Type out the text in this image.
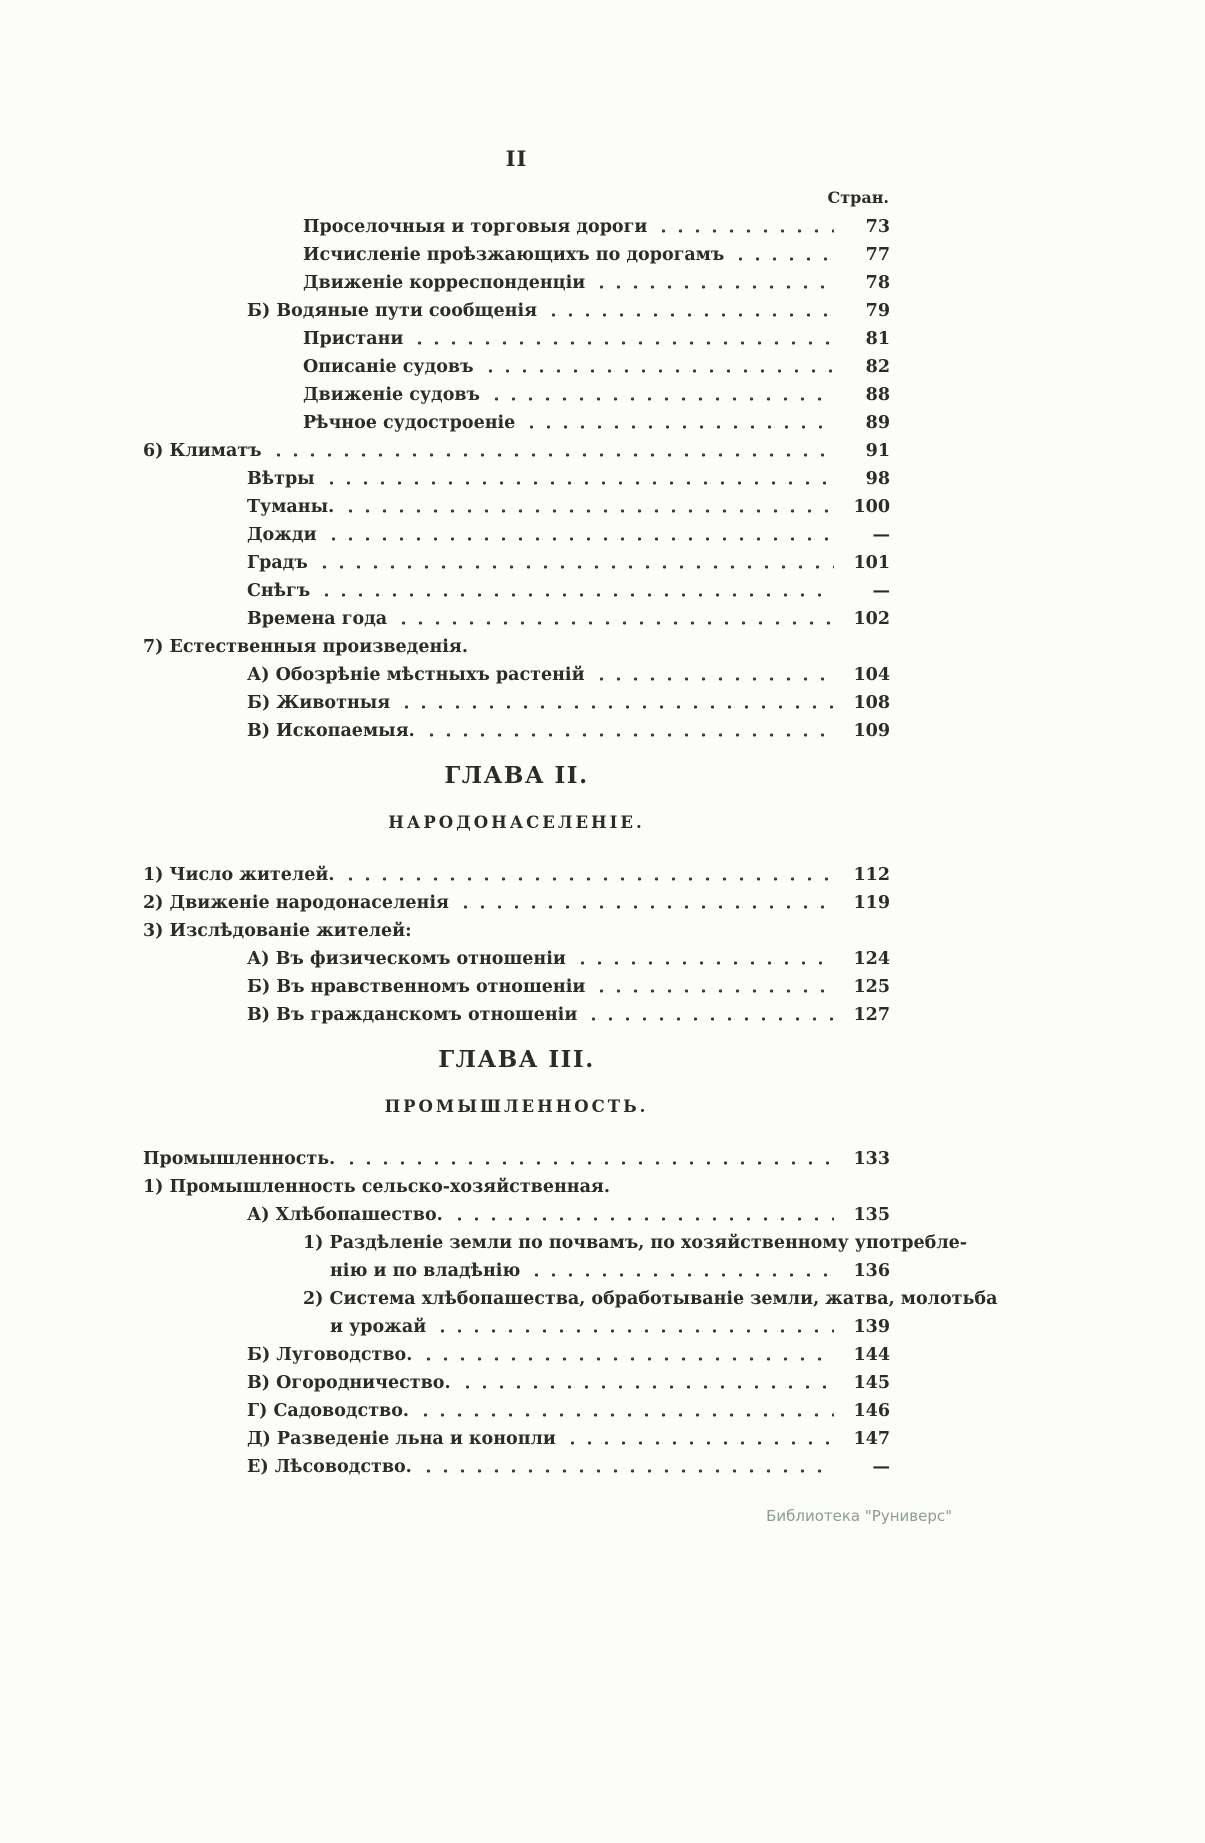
II
Стран.
Проселочныя и торговыя дороги	73
Исчисленіе проѣзжающихъ по дорогамъ	77
Движеніе корреспонденціи	78
Б) Водяные пути сообщенія	79
Пристани	81
Описаніе судовъ	82
Движеніе судовъ	88
Рѣчное судостроеніе	89
6) Климатъ	91
Вѣтры	98
Туманы.	100
Дожди	—
Градъ	101
Снѣгъ	—
Времена года	102
7) Естественныя произведенія.
А) Обозрѣніе мѣстныхъ растеній	104
Б) Животныя	108
В) Ископаемыя.	109
ГЛАВА II.
НАРОДОНАСЕЛЕНІЕ.
1) Число жителей.	112
2) Движеніе народонаселенія	119
3) Изслѣдованіе жителей:
А) Въ физическомъ отношеніи	124
Б) Въ нравственномъ отношеніи	125
В) Въ гражданскомъ отношеніи	127
ГЛАВА III.
ПРОМЫШЛЕННОСТЬ.
Промышленность.	133
1) Промышленность сельско-хозяйственная.
А) Хлѣбопашество.	135
1) Раздѣленіе земли по почвамъ, по хозяйственному употребле-
нію и по владѣнію	136
2) Система хлѣбопашества, обработываніе земли, жатва, молотьба
и урожай	139
Б) Луговодство.	144
В) Огородничество.	145
Г) Садоводство.	146
Д) Разведеніе льна и конопли	147
Е) Лѣсоводство.	—
Библиотека "Руниверс"
